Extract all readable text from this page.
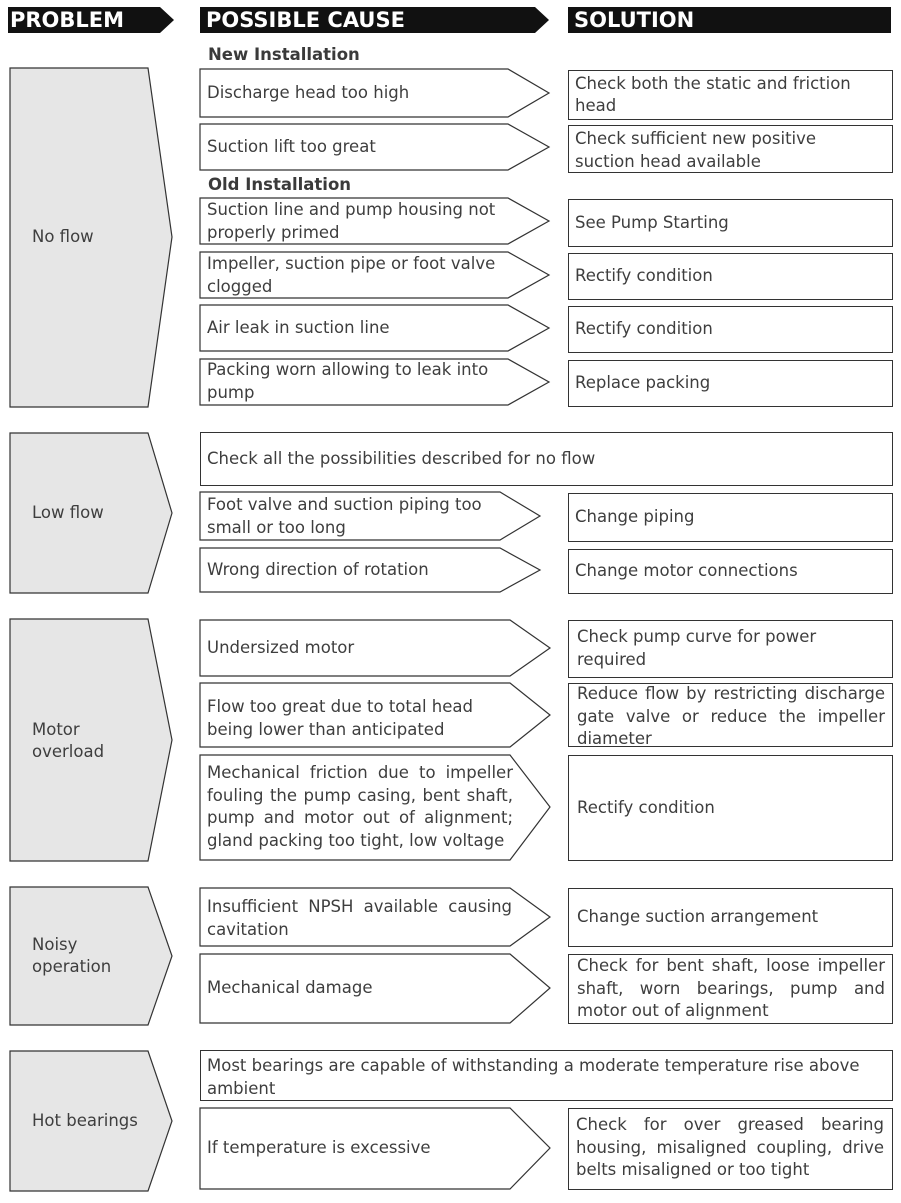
PROBLEM	POSSIBLE CAUSE	SOLUTION
No flow
Low flow
Motor
overload
Noisy
operation
Hot bearings
New Installation
Old Installation
Discharge head too high
Suction lift too great
Suction line and pump housing not properly primed
Impeller, suction pipe or foot valve clogged
Air leak in suction line
Packing worn allowing to leak into pump
Check all the possibilities described for no flow
Foot valve and suction piping too small or too long
Wrong direction of rotation
Undersized motor
Flow too great due to total head being lower than anticipated
Mechanical friction due to impeller fouling the pump casing, bent shaft, pump and motor out of alignment; gland packing too tight, low voltage
Insufficient NPSH available causing cavitation
Mechanical damage
Most bearings are capable of withstanding a moderate temperature rise above ambient
If temperature is excessive
Check both the static and friction head
Check sufficient new positive suction head available
See Pump Starting
Rectify condition
Rectify condition
Replace packing
Change piping
Change motor connections
Check pump curve for power required
Reduce flow by restricting discharge gate valve or reduce the impeller diameter
Rectify condition
Change suction arrangement
Check for bent shaft, loose impeller shaft, worn bearings, pump and motor out of alignment
Check for over greased bearing housing, misaligned coupling, drive belts misaligned or too tight
